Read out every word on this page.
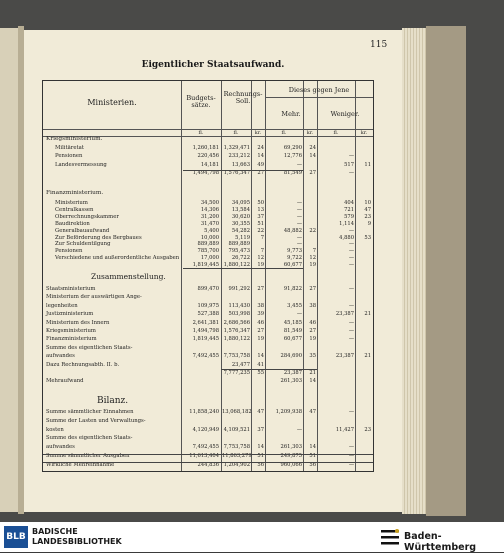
115
Eigentlicher Staatsaufwand.
Ministerien.	Budgets-
sätze.
Rechnungs-
Soll.
Dieses gegen Jene
Mehr.	Weniger.
fl.	fl.	kr.	fl.	kr.	fl.	kr.
Kriegsministerium.
Finanzministerium.
Zusammenstellung.
Bilanz.
Militäretat	1,260,181 1,329,471	24	69,290	24
Pensionen	220,456	233,212	14	12,776	14	—
Landesvermessung	14,181	13,663	49	—	517	11
1,494,798 1,576,347	27	81,549	27	—
Ministerium	34,500	34,095	50	—	404	10
Centralkassen	14,306	13,584	13	—	721	47
Oberrechnungskammer	31,200	30,620	37	—	579	23
Baudirektion	31,470	30,355	51	—	1,114	9
Generalbauaufwand	5,400	54,282	22	48,882	22	—
Zur Beförderung des Bergbaues	10,000	5,119	7	—	4,880	53
Zur Schuldentilgung	889,889	889,889	—	—
Pensionen	785,700	795,473	7	9,773	7	—
Verschiedene und außerordentliche Ausgaben	17,000	26,722	12	9,722	12	—
1,819,445 1,880,122	19	60,677	19	—
Staatsministerium	899,470	991,292	27	91,822	27	—
Ministerium der auswärtigen Ange-
legenheiten	109,975	113,430	38	3,455	38	—
Justizministerium	527,388	503,998	39	—	23,387	21
Ministerium des Innern	2,641,381 2,686,566	46	45,185	46	—
Kriegsministerium	1,494,798 1,576,347	27	81,549	27	—
Finanzministerium	1,819,445 1,880,122	19	60,677	19	—
Summe des eigentlichen Staats-
aufwandes	7,492,455 7,753,758	14	284,690	35	23,387	21
Dazu Rechnungsabth. II. b.	23,477	41
7,777,235	55	23,387	21
Mehraufwand	261,303	14
Summe sämmtlicher Einnahmen	11,858,240 13,068,182	47	1,209,938	47	—
Summe der Lasten und Verwaltungs-
kosten	4,120,949 4,109,521	37	—	11,427	23
Summe des eigentlichen Staats-
aufwandes	7,492,455 7,753,758	14	261,303	14	—
Summe sämmtlicher Ausgaben	11,613,404 11,863,279	51	249,875	51	—
Wirkliche Mehreinnahme	244,836 1,204,902	56	960,066	56	—
BLB
BADISCHE
LANDESBIBLIOTHEK	Baden-Württemberg
